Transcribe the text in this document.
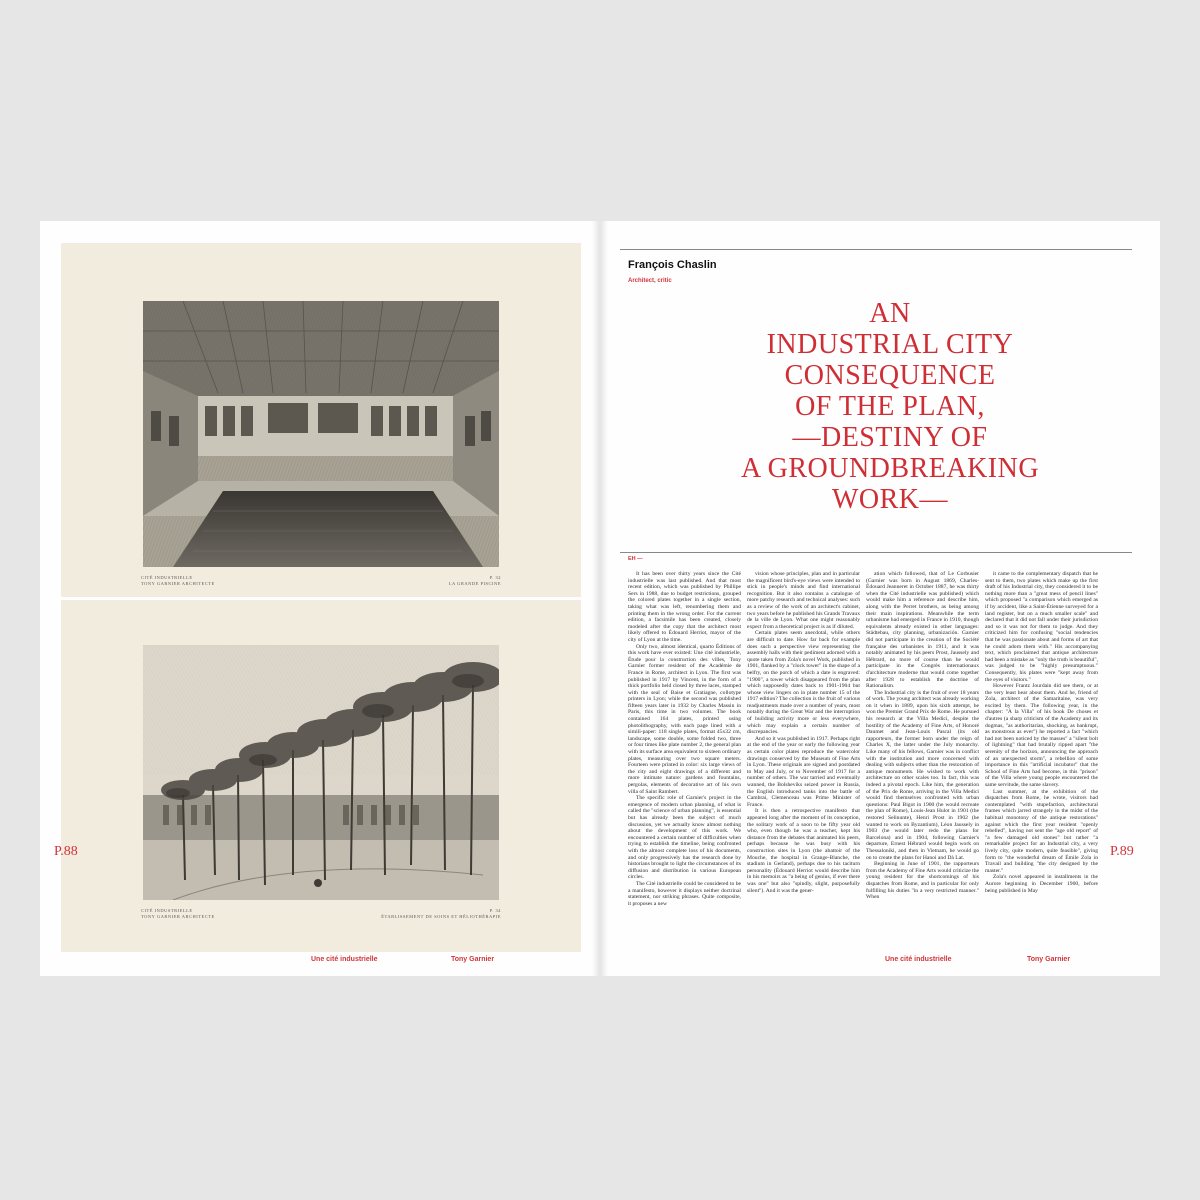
CITÉ INDUSTRIELLE
TONY GARNIER ARCHITECTE
P. 32
LA GRANDE PISCINE
CITÉ INDUSTRIELLE
TONY GARNIER ARCHITECTE
P. 34
ÉTABLISSEMENT DE SOINS ET HÉLIOTHÉRAPIE
P.88
Une cité industrielle	Tony Garnier
François Chaslin
Architect, critic
AN
INDUSTRIAL CITY
CONSEQUENCE
OF THE PLAN,
—DESTINY OF
A GROUNDBREAKING
WORK—
EH —

It has been over thirty years since the Cité industrielle was last published. And that most recent edition, which was published by Phillipe Sers in 1988, due to budget restrictions, grouped the colored plates together in a single section, taking what was left, renumbering them and printing them in the wrong order. For the current edition, a facsimile has been created, closely modeled after the copy that the architect most likely offered to Édouard Herriot, mayor of the city of Lyon at the time.

Only two, almost identical, quarto Éditions of this work have ever existed: Une cité industrielle, Étude pour la construction des villes, Tony Garnier former resident of the Académie de France in Rome, architect in Lyon. The first was published in 1917 by Vincent, in the form of a thick portfolio held closed by three laces, stamped with the seal of Baise et Gratiagne, collotype printers in Lyon; while the second was published fifteen years later in 1932 by Charles Massin in Paris, this time in two volumes. The book contained 164 plates, printed using photolithography, with each page lined with a simili-paper: 118 single plates, format 45x32 cm, landscape, some double, some folded two, three or four times like plate number 2, the general plan with its surface area equivalent to sixteen ordinary plates, measuring over two square meters. Fourteen were printed in color: six large views of the city and eight drawings of a different and more intimate nature: gardens and fountains, pergolas, elements of decorative art of his own villa of Saint Rambert.

The specific role of Garnier's project in the emergence of modern urban planning, of what is called the "science of urban planning", is essential but has already been the subject of much discussion, yet we actually know almost nothing about the development of this work. We encountered a certain number of difficulties when trying to establish the timeline, being confronted with the almost complete loss of his documents, and only progressively has the research done by historians brought to light the circumstances of its diffusion and distribution in various European circles.

The Cité industrielle could be considered to be a manifesto, however it displays neither doctrinal statement, nor striking phrases. Quite composite, it proposes a new

vision whose principles, plan and in particular the magnificent bird's-eye views were intended to stick in people's minds and find international recognition. But it also contains a catalogue of more patchy research and technical analyses: such as a review of the work of an architect's cabinet, two years before he published his Grands Travaux de la ville de Lyon. What one might reasonably expect from a theoretical project is as if diluted.

Certain plates seem anecdotal, while others are difficult to date. How far back for example does such a perspective view representing the assembly halls with their pediment adorned with a quote taken from Zola's novel Work, published in 1901, flanked by a "clock tower" in the shape of a belfry, on the porch of which a date is engraved: "1900", a tower which disappeared from the plan which supposedly dates back to 1901-1904 but whose view lingers on in plate number 15 of the 1917 edition? The collection is the fruit of various readjustments made over a number of years, most notably during the Great War and the interruption of building activity more or less everywhere, which may explain a certain number of discrepancies.

And so it was published in 1917. Perhaps right at the end of the year or early the following year as certain color plates reproduce the watercolor drawings conserved by the Museum of Fine Arts in Lyon. These originals are signed and postdated to May and July, or to November of 1917 for a number of others. The war tarried and eventually wanned, the Bolsheviks seized power in Russia, the English introduced tanks into the battle of Cambrai, Clemenceau was Prime Minister of France.

It is then a retrospective manifesto that appeared long after the moment of its conception, the solitary work of a soon to be fifty year old who, even though he was a teacher, kept his distance from the debates that animated his peers, perhaps because he was busy with his construction sites in Lyon (the abattoir of the Mouche, the hospital in Grange-Blanche, the stadium in Gerland), perhaps due to his taciturn personality (Édouard Herriot would describe him in his memoirs as "a being of genius, if ever there was one" but also "spindly, slight, purposefully silent"). And it was the gener-

ation which followed, that of Le Corbusier (Garnier was born in August 1869, Charles-Édouard Jeanneret in October 1887, he was thirty when the Cité industrielle was published) which would make him a reference and describe him, along with the Perret brothers, as being among their main inspirations. Meanwhile the term urbanisme had emerged in France in 1910, though equivalents already existed in other languages: Städtebau, city planning, urbanización. Garnier did not participate in the creation of the Société française des urbanistes in 1911, and it was notably animated by his peers Prost, Jaussely and Hébrard, no more of course than he would participate in the Congrès internationaux d'architecture moderne that would come together after 1928 to establish the doctrine of Rationalism.

The Industrial city is the fruit of over 18 years of work. The young architect was already working on it when in 1889, upon his sixth attempt, he won the Premier Grand Prix de Rome. He pursued his research at the Villa Medici, despite the hostility of the Academy of Fine Arts, of Honoré Daumet and Jean-Louis Pascal (its old rapporteurs, the former born under the reign of Charles X, the latter under the July monarchy. Like many of his fellows, Garnier was in conflict with the institution and more concerned with dealing with subjects other than the restoration of antique monuments. He wished to work with architecture on other scales too. In fact, this was indeed a pivotal epoch. Like him, the generation of the Prix de Rome, arriving in the Villa Medici would find themselves confronted with urban questions: Paul Bigot in 1900 (he would recreate the plan of Rome), Louis-Jean Hulot in 1901 (the restored Selinunte), Henri Prost in 1902 (he wanted to work on Byzantium), Léon Jaussely in 1903 (he would later redo the plans for Barcelona) and in 1904, following Garnier's departure, Ernest Hébrard would begin work on Thessaloniki, and then in Vietnam, he would go on to create the plans for Hanoi and Dà Lat.

Beginning in June of 1901, the rapporteurs from the Academy of Fine Arts would criticize the young resident for the shortcomings of his dispatches from Rome, and in particular for only fulfilling his duties "in a very restricted manner." When

it came to the complementary dispatch that he sent to them, two plates which make up the first draft of his Industrial city, they considered it to be nothing more than a "great mess of pencil lines" which proposed "a comparison which emerged as if by accident, like a Saint-Étienne surveyed for a land register, but on a much smaller scale" and declared that it did not fall under their jurisdiction and so it was not for them to judge. And they criticized him for confusing "social tendencies that he was passionate about and forms of art that he could adorn them with." His accompanying text, which proclaimed that antique architecture had been a mistake as "only the truth is beautiful", was judged to be "highly presumptuous." Consequently, his plates were "kept away from the eyes of visitors."

However Frantz Jourdain did see them, or at the very least hear about them. And he, friend of Zola, architect of the Samaritaine, was very excited by them. The following year, in the chapter: "À la Villa" of his book De choses et d'autres (a sharp criticism of the Academy and its dogmas, "as authoritarian, shocking, as bankrupt, as monstrous as ever") he reported a fact "which had not been noticed by the masses" a "silent bolt of lightning" that had brutally ripped apart "the serenity of the horizon, announcing the approach of an unexpected storm", a rebellion of some importance in this "artificial incubator" that the School of Fine Arts had become, in this "prison" of the Villa where young people encountered the same servitude, the same slavery.

Last summer, at the exhibition of the dispatches from Rome, he wrote, visitors had contemplated "with stupefaction, architectural frames which jarred strangely in the midst of the habitual monotony of the antique restorations" against which the first year resident "openly rebelled", having not sent the "age old report" of "a few damaged old stones" but rather "a remarkable project for an Industrial city, a very lively city, quite modern, quite feasible", giving form to "the wonderful dream of Émile Zola in Travail and building "the city designed by the master."

Zola's novel appeared in installments in the Aurore beginning in December 1900, before being published in May

P.89
Une cité industrielle	Tony Garnier
